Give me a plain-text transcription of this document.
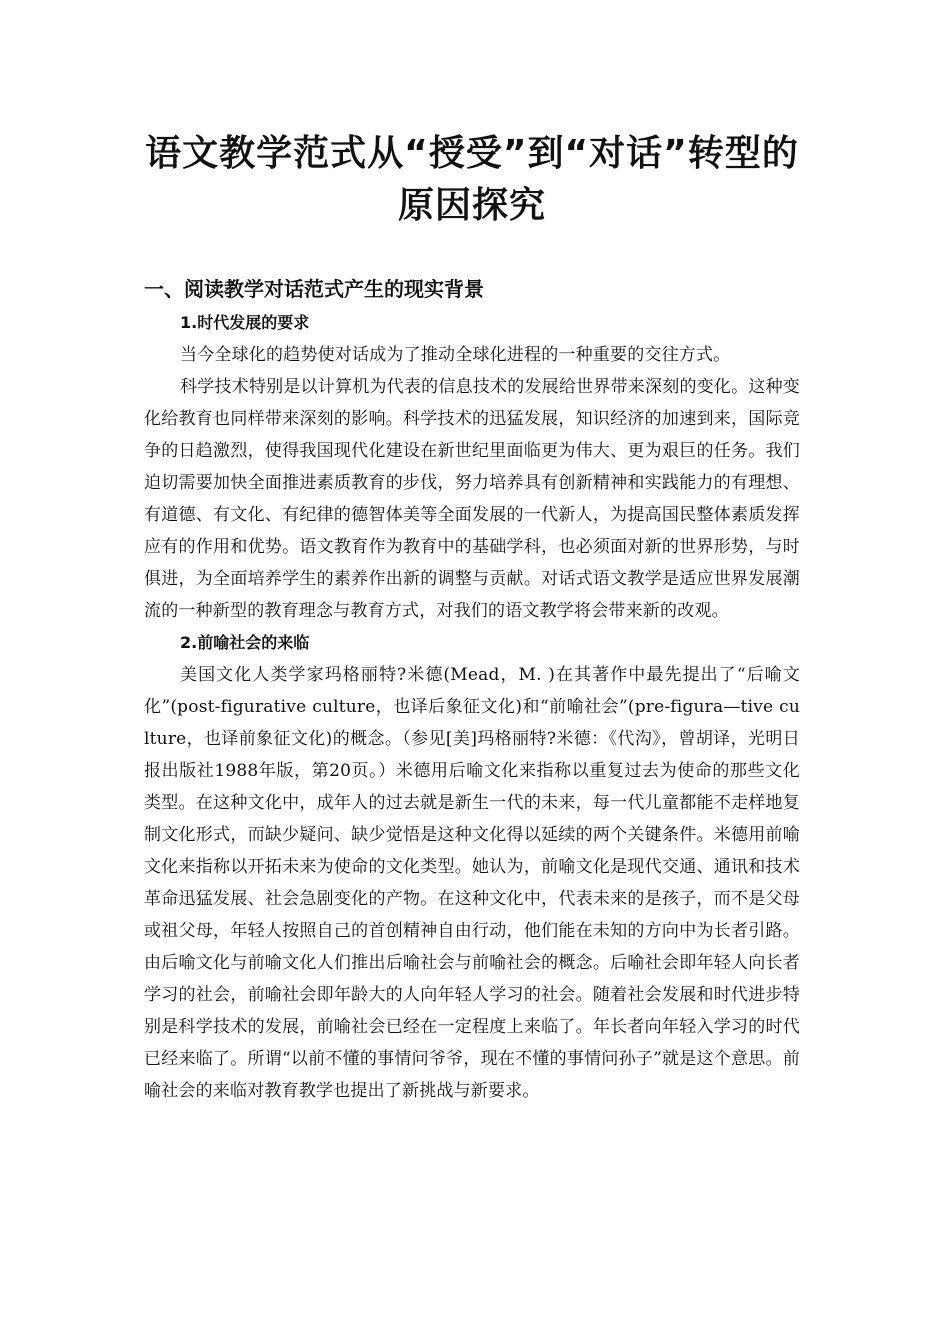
语文教学范式从“授受”到“对话”转型的原因探究
一、阅读教学对话范式产生的现实背景
1.时代发展的要求

当今全球化的趋势使对话成为了推动全球化进程的一种重要的交往方式。

科学技术特别是以计算机为代表的信息技术的发展给世界带来深刻的变化。这种变化给教育也同样带来深刻的影响。科学技术的迅猛发展，知识经济的加速到来，国际竞争的日趋激烈，使得我国现代化建设在新世纪里面临更为伟大、更为艰巨的任务。我们迫切需要加快全面推进素质教育的步伐，努力培养具有创新精神和实践能力的有理想、有道德、有文化、有纪律的德智体美等全面发展的一代新人，为提高国民整体素质发挥应有的作用和优势。语文教育作为教育中的基础学科，也必须面对新的世界形势，与时俱进，为全面培养学生的素养作出新的调整与贡献。对话式语文教学是适应世界发展潮流的一种新型的教育理念与教育方式，对我们的语文教学将会带来新的改观。

2.前喻社会的来临

美国文化人类学家玛格丽特?米德(Mead，M. )在其著作中最先提出了“后喻文化”(post-figurative culture，也译后象征文化)和“前喻社会”(pre-figura—tive culture，也译前象征文化)的概念。（参见[美]玛格丽特?米德：《代沟》，曾胡译，光明日报出版社1988年版，第20页。）米德用后喻文化来指称以重复过去为使命的那些文化类型。在这种文化中，成年人的过去就是新生一代的未来，每一代儿童都能不走样地复制文化形式，而缺少疑问、缺少觉悟是这种文化得以延续的两个关键条件。米德用前喻文化来指称以开拓未来为使命的文化类型。她认为，前喻文化是现代交通、通讯和技术革命迅猛发展、社会急剧变化的产物。在这种文化中，代表未来的是孩子，而不是父母或祖父母，年轻人按照自己的首创精神自由行动，他们能在未知的方向中为长者引路。由后喻文化与前喻文化人们推出后喻社会与前喻社会的概念。后喻社会即年轻人向长者学习的社会，前喻社会即年龄大的人向年轻人学习的社会。随着社会发展和时代进步特别是科学技术的发展，前喻社会已经在一定程度上来临了。年长者向年轻入学习的时代已经来临了。所谓“以前不懂的事情问爷爷，现在不懂的事情问孙子”就是这个意思。前喻社会的来临对教育教学也提出了新挑战与新要求。
